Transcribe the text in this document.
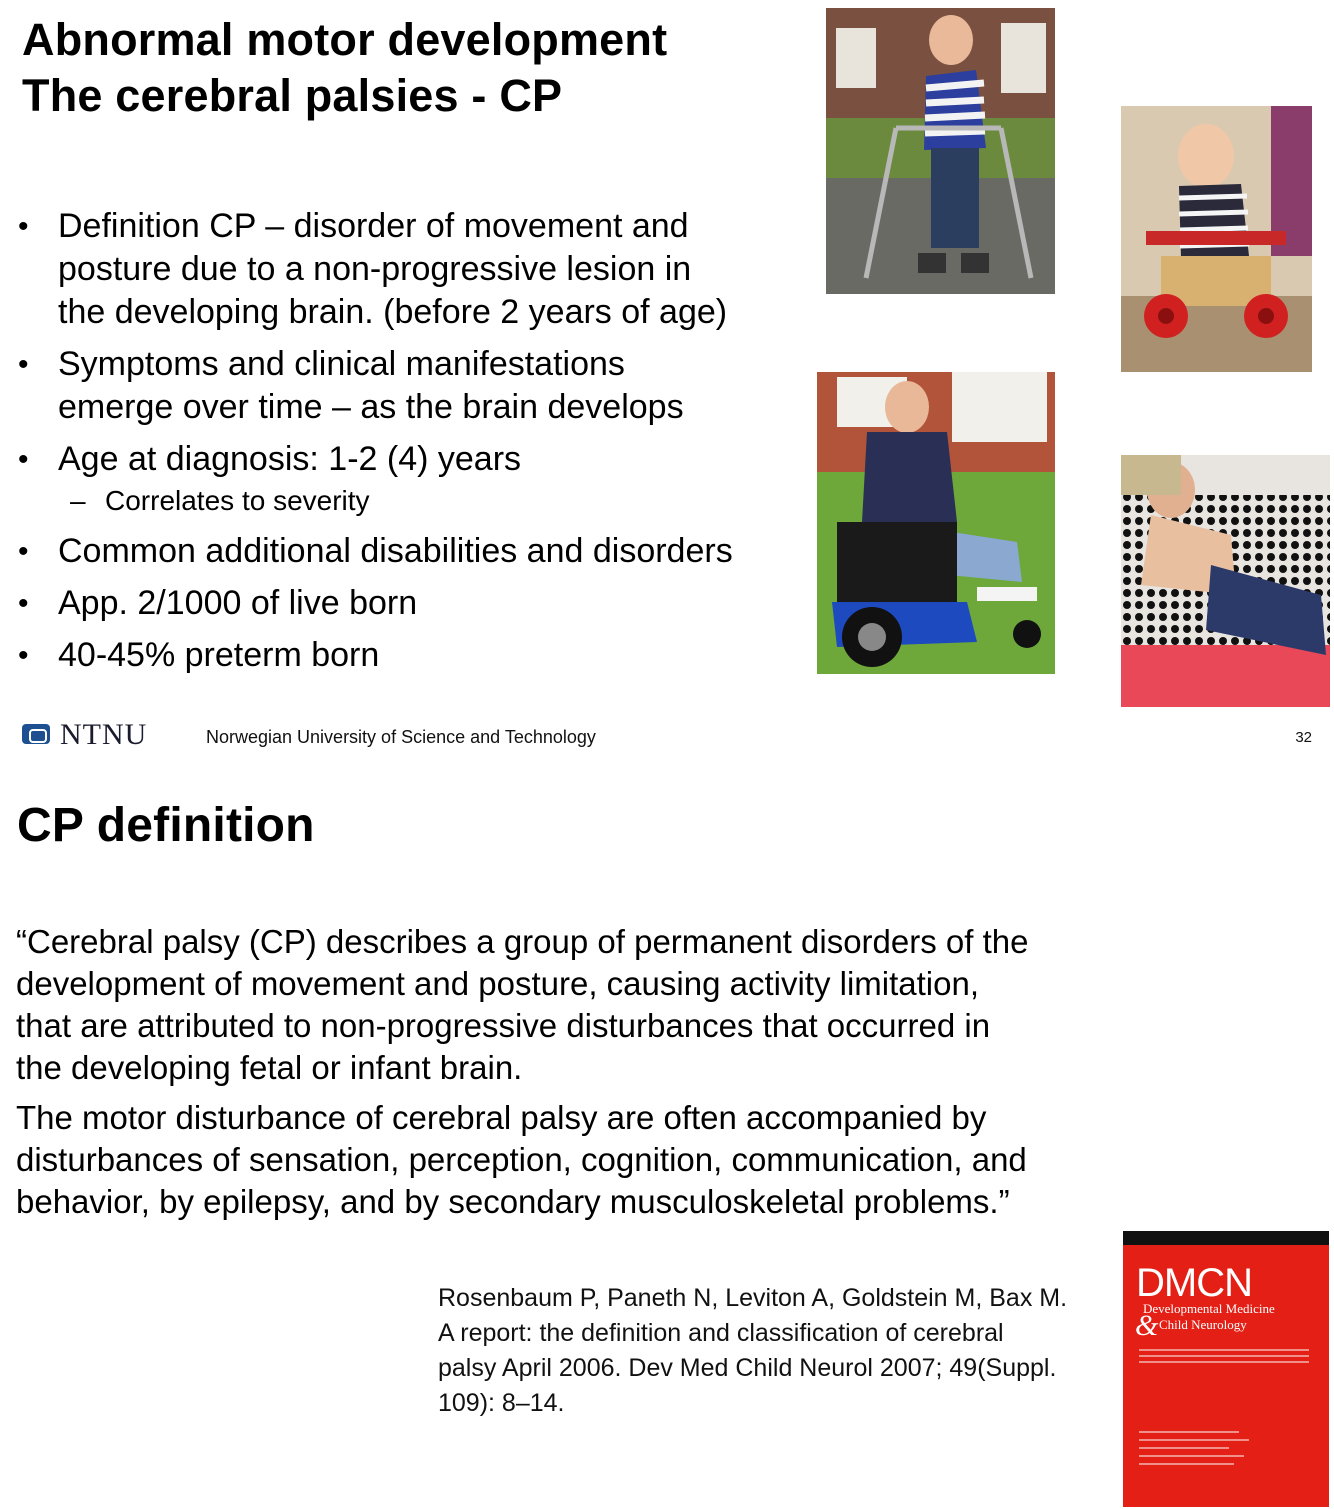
Abnormal motor development
The cerebral palsies - CP
• Definition CP – disorder of movement and
posture due to a non-progressive lesion in
the developing brain. (before 2 years of age)
• Symptoms and clinical manifestations
emerge over time – as the brain develops
• Age at diagnosis: 1-2 (4) years
– Correlates to severity
• Common additional disabilities and disorders
• App. 2/1000 of live born
• 40-45% preterm born
NTNU	Norwegian University of Science and Technology	32
CP definition

“Cerebral palsy (CP) describes a group of permanent disorders of the
development of movement and posture, causing activity limitation,
that are attributed to non-progressive disturbances that occurred in
the developing fetal or infant brain.

The motor disturbance of cerebral palsy are often accompanied by
disturbances of sensation, perception, cognition, communication, and
behavior, by epilepsy, and by secondary musculoskeletal problems.”

Rosenbaum P, Paneth N, Leviton A, Goldstein M, Bax M.
A report: the definition and classification of cerebral
palsy April 2006. Dev Med Child Neurol 2007; 49(Suppl.
109): 8–14.
DMCN
Developmental Medicine
& Child Neurology
